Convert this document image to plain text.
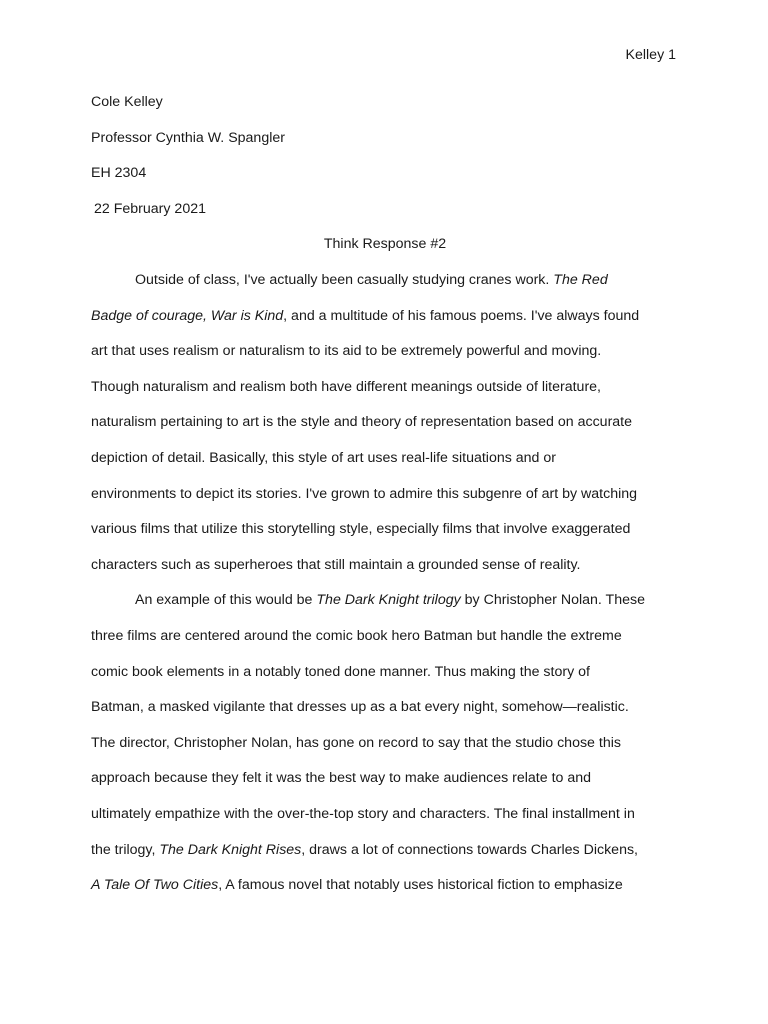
Kelley 1
Cole Kelley
Professor Cynthia W. Spangler
EH 2304
22 February 2021
Think Response #2
Outside of class, I've actually been casually studying cranes work. The Red
Badge of courage, War is Kind, and a multitude of his famous poems. I've always found
art that uses realism or naturalism to its aid to be extremely powerful and moving.
Though naturalism and realism both have different meanings outside of literature,
naturalism pertaining to art is the style and theory of representation based on accurate
depiction of detail. Basically, this style of art uses real-life situations and or
environments to depict its stories. I've grown to admire this subgenre of art by watching
various films that utilize this storytelling style, especially films that involve exaggerated
characters such as superheroes that still maintain a grounded sense of reality.
An example of this would be The Dark Knight trilogy by Christopher Nolan. These
three films are centered around the comic book hero Batman but handle the extreme
comic book elements in a notably toned done manner. Thus making the story of
Batman, a masked vigilante that dresses up as a bat every night, somehow—realistic.
The director, Christopher Nolan, has gone on record to say that the studio chose this
approach because they felt it was the best way to make audiences relate to and
ultimately empathize with the over-the-top story and characters. The final installment in
the trilogy, The Dark Knight Rises, draws a lot of connections towards Charles Dickens,
A Tale Of Two Cities, A famous novel that notably uses historical fiction to emphasize
